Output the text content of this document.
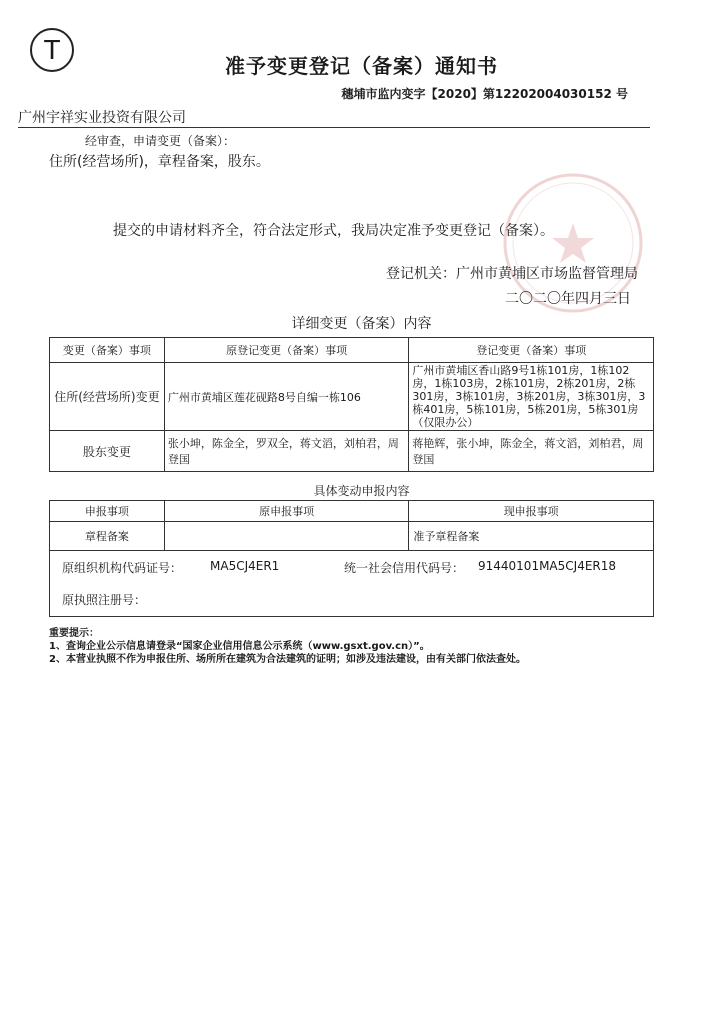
T
准予变更登记（备案）通知书
穗埔市监内变字【2020】第12202004030152 号
广州宇祥实业投资有限公司
经审查，申请变更（备案）：
住所(经营场所)，章程备案，股东。
提交的申请材料齐全，符合法定形式，我局决定准予变更登记（备案）。
登记机关：广州市黄埔区市场监督管理局
二〇二〇年四月三日
详细变更（备案）内容
变更（备案）事项	原登记变更（备案）事项	登记变更（备案）事项
住所(经营场所)变更	广州市黄埔区莲花砚路8号自编一栋106	广州市黄埔区香山路9号1栋101房，1栋102房，1栋103房，2栋101房，2栋201房，2栋301房，3栋101房，3栋201房，3栋301房，3栋401房，5栋101房，5栋201房，5栋301房（仅限办公）
股东变更	张小坤，陈金全，罗双全，蒋文滔，刘柏君，周登国	蒋艳辉，张小坤，陈金全，蒋文滔，刘柏君，周登国
具体变动申报内容
申报事项	原申报事项	现申报事项
章程备案		准予章程备案

原组织机构代码证号： MA5CJ4ER1 统一社会信用代码号： 91440101MA5CJ4ER18
原执照注册号：		
重要提示：
1、查询企业公示信息请登录“国家企业信用信息公示系统（www.gsxt.gov.cn）”。
2、本营业执照不作为申报住所、场所所在建筑为合法建筑的证明；如涉及违法建设，由有关部门依法查处。
